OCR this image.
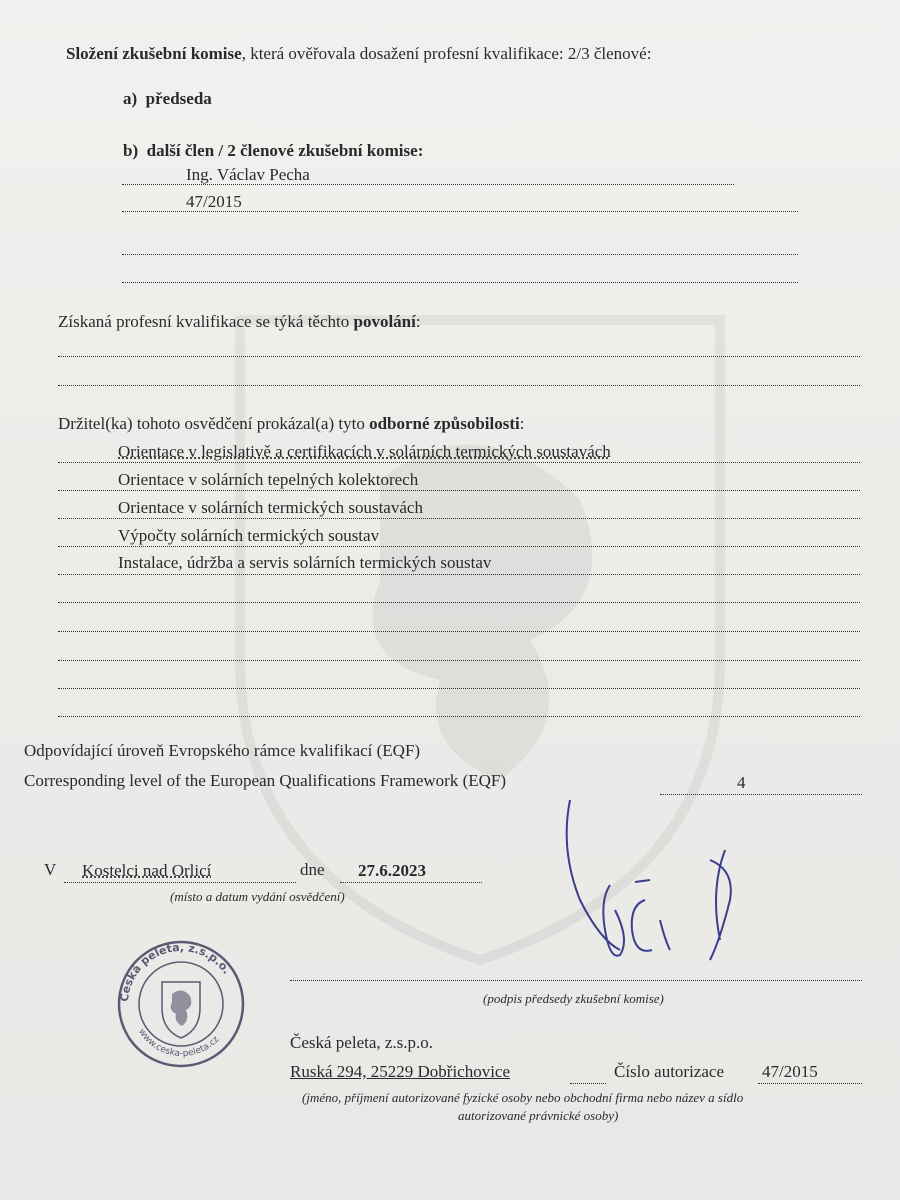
Složení zkušební komise, která ověřovala dosažení profesní kvalifikace: 2/3 členové:
a) předseda
b) další člen / 2 členové zkušební komise:
Ing. Václav Pecha
47/2015
Získaná profesní kvalifikace se týká těchto povolání:
Držitel(ka) tohoto osvědčení prokázal(a) tyto odborné způsobilosti:
Orientace v legislativě a certifikacích v solárních termických soustavách
Orientace v solárních tepelných kolektorech
Orientace v solárních termických soustavách
Výpočty solárních termických soustav
Instalace, údržba a servis solárních termických soustav
Odpovídající úroveň Evropského rámce kvalifikací (EQF)
Corresponding level of the European Qualifications Framework (EQF)	4
V Kostelci nad Orlicí	dne 27.6.2023
(místo a datum vydání osvědčení)
Česká peleta, z.s.p.o.
www.ceska-peleta.cz
(podpis předsedy zkušební komise)
Česká peleta, z.s.p.o.
Ruská 294, 25229 Dobřichovice	Číslo autorizace 47/2015
(jméno, příjmení autorizované fyzické osoby nebo obchodní firma nebo název a sídlo
autorizované právnické osoby)
